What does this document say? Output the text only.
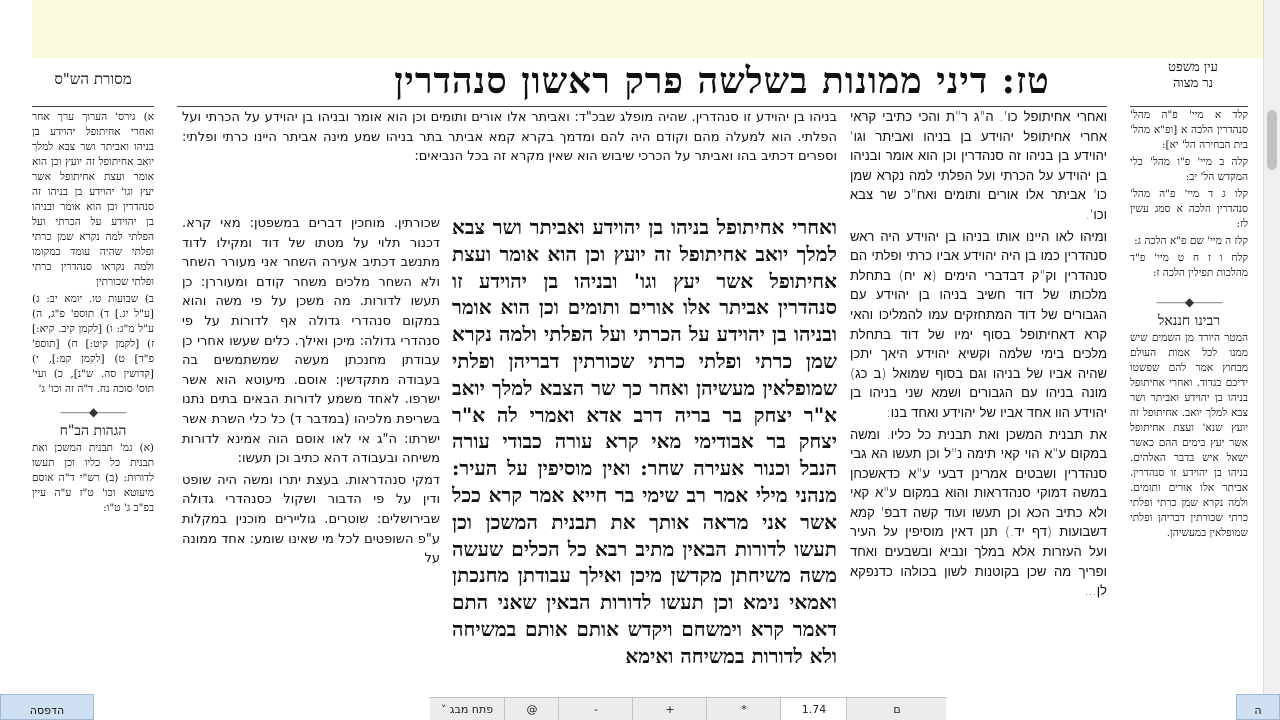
עין משפט
נר מצוה
טז: דיני ממונות בשלשה פרק ראשון סנהדרין
מסורת הש"ס
קלד א מיי' פ"ה מהל' סנהדרין הלכה א [ופ"א מהל' בית הבחירה הל' יא]:
קלה ב מיי' פ"ו מהל' כלי המקדש הל' יב:
קלו ג ד מיי' פ"ה מהל' סנהדרין הלכה א סמג עשין לז:
קלז ה מיי' שם פ"א הלכה ג:
קלח ו ז ח ט מיי' פ"ד מהלכות תפילין הלכה ז:
⸻◆⸻
רבינו חננאל
המטר היורד מן השמים שיש ממנו לכל אמות העולם מבחוץ אמר להם שפשטו ידיכם בגדוד. ואחרי אחיתופל בניהו בן יהוידע ואביתר ושר צבא למלך יואב. אחיתופל זה יועץ שנא' ועצת אחיתופל אשר יעץ בימים ההם כאשר ישאל איש בדבר האלהים. בניהו בן יהוידע זו סנהדרין. אביתר אלו אורים ותומים. ולמה נקרא שמן כרתי ופלתי כרתי שכורתין דבריהן ופלתי שמופלאין במעשיהן.
ואחרי אחיתופל כו'. ה"ג ר"ת והכי כתיבי קראי אחרי אחיתופל יהוידע בן בניהו ואביתר וגו' יהוידע בן בניהו זה סנהדרין וכן הוא אומר ובניהו בן יהוידע על הכרתי ועל הפלתי למה נקרא שמן כו' אביתר אלו אורים ותומים ואח"כ שר צבא וכו'.
ומיהו לאו היינו אותו בניהו בן יהוידע היה ראש סנהדרין כמו בן היה יהוידע אביו כרתי ופלתי הם סנהדרין וק"ק דבדברי הימים (א יח) בתחלת מלכותו של דוד חשיב בניהו בן יהוידע עם הגבורים של דוד המתחזקים עמו להמליכו והאי קרא דאחיתופל בסוף ימיו של דוד בתחלת מלכים בימי שלמה וקשיא יהוידע היאך יתכן שהיה אביו של בניהו וגם בסוף שמואל (ב כג) מונה בניהו עם הגבורים ושמא שני בניהו בן יהוידע הוו אחד אביו של יהוידע ואחד בנו:
את תבנית המשכן ואת תבנית כל כליו. ומשה במקום ע"א הוי קאי תימה נ"ל וכן תעשו הא גבי סנהדרין ושבטים אמרינן דבעי ע"א כדאשכחן במשה דמוקי סנהדראות והוא במקום ע"א קאי ולא כתיב הכא וכן תעשו ועוד קשה דבפ' קמא דשבועות (דף יד.) תנן דאין מוסיפין על העיר ועל העזרות אלא במלך ונביא ובשבעים ואחד ופריך מה שכן בקוטנות לשון בכולהו כדנפקא לן...
ואחרי אחיתופל בניהו בן יהוידע ואביתר ושר צבא למלך יואב אחיתופל זה יועץ וכן הוא אומר ועצת אחיתופל אשר יעץ וגו' ובניהו בן יהוידע זו סנהדרין אביתר אלו אורים ותומים וכן הוא אומר ובניהו בן יהוידע על הכרתי ועל הפלתי ולמה נקרא שמן כרתי ופלתי כרתי שכורתין דבריהן ופלתי שמופלאין מעשיהן ואחר כך שר הצבא למלך יואב א"ר יצחק בר בריה דרב אדא ואמרי לה א"ר יצחק בר אבודימי מאי קרא עורה כבודי עורה הנבל וכנור אעירה שחר: ואין מוסיפין על העיר: מנהני מילי אמר רב שימי בר חייא אמר קרא ככל אשר אני מראה אותך את תבנית המשכן וכן תעשו לדורות הבאין מתיב רבא כל הכלים שעשה משה משיחתן מקדשן מיכן ואילך עבודתן מחנכתן ואמאי נימא וכן תעשו לדורות הבאין שאני התם דאמר קרא וימשחם ויקדש אותם אותם במשיחה ולא לדורות במשיחה ואימא
בניהו בן יהוידע זו סנהדרין. שהיה מופלג שבכ"ד: ואביתר אלו אורים ותומים וכן הוא אומר ובניהו בן יהוידע על הכרתי ועל הפלתי. הוא למעלה מהם וקודם היה להם ומדמך בקרא קמא אביתר בתר בניהו שמע מינה אביתר היינו כרתי ופלתי: וספרים דכתיב בהו ואביתר על הכרכי שיבוש הוא שאין מקרא זה בכל הנביאים:
שכורתין. מוחכין דברים במשפטן: מאי קרא. דכנור תלוי על מטתו של דוד ומקילו לדוד מתנשב דכתיב אעירה השחר אני מעורר השחר ולא השחר מלכים משחר קודם ומעוררן: כן תעשו לדורות. מה משכן על פי משה והוא במקום סנהדרי גדולה אף לדורות על פי סנהדרי גדולה: מיכן ואילך. כלים שעשו אחרי כן עבודתן מחנכתן מעשה שמשתמשים בה בעבודה מתקדשין: אוסם. מיעוטא הוא אשר ישרפו. לאחד משמע לדורות הבאים בתים נתנו בשריפת מלכיהו (במדבר ד) כל כלי השרת אשר ישרתו: ה"ג אי לאו אוסם הוה אמינא לדורות משיחה ובעבודה דהא כתיב וכן תעשו:
דמקי סנהדראות. בעצת יתרו ומשה היה שופט ודין על פי הדבור ושקול כסנהדרי גדולה שבירושלים: שוטרים. גוליירים מוכנין במקלות ע"פ השופטים לכל מי שאינו שומע: אחד ממונה על
א) גירס' הערוך ערך אחר ואחרי אחיתופל יהוידע בן בניהו ואביתר ושר צבא למלך יואב אחיתופל זה יועץ וכן הוא אומר ועצת אחיתופל אשר יעץ וגו' יהוידע בן בניהו זה סנהדרין וכן הוא אומר ובניהו בן יהוידע על הכרתי ועל הפלתי למה נקרא שמן כרתי ופלתי שהיה עומד במקומו ולמה נקראו סנהדרין כרתי ופלתי שכורתין
ב) שבועות טו. יומא יב: ג) [ע"ל יג.] ד) תוספ' פ"ג, ה) ע"ל מ"ג: ו) [לקמן קיב. קיא:] ז) [לקמן קיט:] ח) [תוספ' פ"ד] ט) [לקמן קמ:], י) [קדושין סה. ש"נ], כ) ועי' תוס' סוכה נח. ד"ה זה וכו' ג'
⸻◆⸻
הגהות הב"ח
(א) גמ' תבנית המשכן ואת תבנית כל כליו וכן תעשו לדורות: (ב) רש"י ד"ה אוסם מיעוטא וכו' ט"ז ע"ה עיין בפ"ב ג' ט"ו:
הדפסה	˅ פתח מבג	@	-	+	*	1.74	ם	ה
